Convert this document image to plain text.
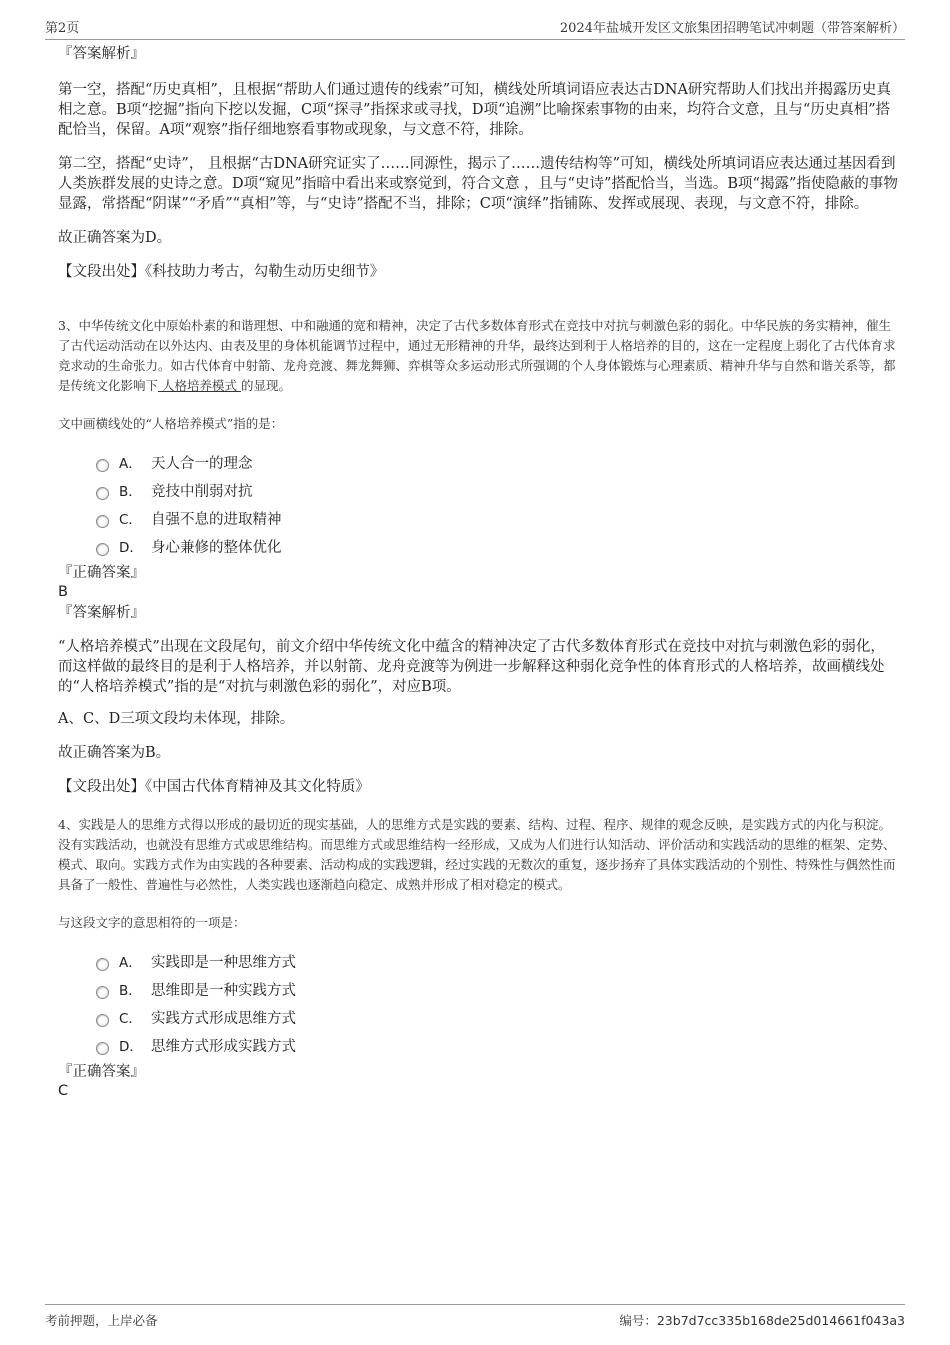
第2页	2024年盐城开发区文旅集团招聘笔试冲刺题（带答案解析）

『答案解析』

第一空，搭配“历史真相”，且根据“帮助人们通过遗传的线索”可知，横线处所填词语应表达古DNA研究帮助人们找出并揭露历史真相之意。B项“挖掘”指向下挖以发掘，C项“探寻”指探求或寻找，D项“追溯”比喻探索事物的由来，均符合文意，且与“历史真相”搭配恰当，保留。A项“观察”指仔细地察看事物或现象，与文意不符，排除。

第二空，搭配“史诗”， 且根据“古DNA研究证实了……同源性，揭示了……遗传结构等”可知，横线处所填词语应表达通过基因看到人类族群发展的史诗之意。D项“窥见”指暗中看出来或察觉到，符合文意 ，且与“史诗”搭配恰当，当选。B项“揭露”指使隐蔽的事物显露，常搭配“阴谋”“矛盾”“真相”等，与“史诗”搭配不当，排除；C项“演绎”指铺陈、发挥或展现、表现，与文意不符，排除。

故正确答案为D。

【文段出处】《科技助力考古，勾勒生动历史细节》

3、中华传统文化中原始朴素的和谐理想、中和融通的宽和精神，决定了古代多数体育形式在竞技中对抗与刺激色彩的弱化。中华民族的务实精神，催生了古代运动活动在以外达内、由表及里的身体机能调节过程中，通过无形精神的升华，最终达到利于人格培养的目的，这在一定程度上弱化了古代体育求竞求动的生命张力。如古代体育中射箭、龙舟竞渡、舞龙舞狮、弈棋等众多运动形式所强调的个人身体锻炼与心理素质、精神升华与自然和谐关系等，都是传统文化影响下 人格培养模式 的显现。

文中画横线处的“人格培养模式”指的是：

A． 天人合一的理念
B． 竞技中削弱对抗
C． 自强不息的进取精神
D． 身心兼修的整体优化

『正确答案』

B

『答案解析』

“人格培养模式”出现在文段尾句，前文介绍中华传统文化中蕴含的精神决定了古代多数体育形式在竞技中对抗与刺激色彩的弱化，而这样做的最终目的是利于人格培养，并以射箭、龙舟竞渡等为例进一步解释这种弱化竞争性的体育形式的人格培养，故画横线处的“人格培养模式”指的是“对抗与刺激色彩的弱化”，对应B项。

A、C、D三项文段均未体现，排除。

故正确答案为B。

【文段出处】《中国古代体育精神及其文化特质》

4、实践是人的思维方式得以形成的最切近的现实基础，人的思维方式是实践的要素、结构、过程、程序、规律的观念反映，是实践方式的内化与积淀。没有实践活动，也就没有思维方式或思维结构。而思维方式或思维结构一经形成，又成为人们进行认知活动、评价活动和实践活动的思维的框架、定势、模式、取向。实践方式作为由实践的各种要素、活动构成的实践逻辑，经过实践的无数次的重复，逐步扬弃了具体实践活动的个别性、特殊性与偶然性而具备了一般性、普遍性与必然性，人类实践也逐渐趋向稳定、成熟并形成了相对稳定的模式。

与这段文字的意思相符的一项是：

A． 实践即是一种思维方式
B． 思维即是一种实践方式
C． 实践方式形成思维方式
D． 思维方式形成实践方式

『正确答案』

C

考前押题，上岸必备	编号：23b7d7cc335b168de25d014661f043a3
